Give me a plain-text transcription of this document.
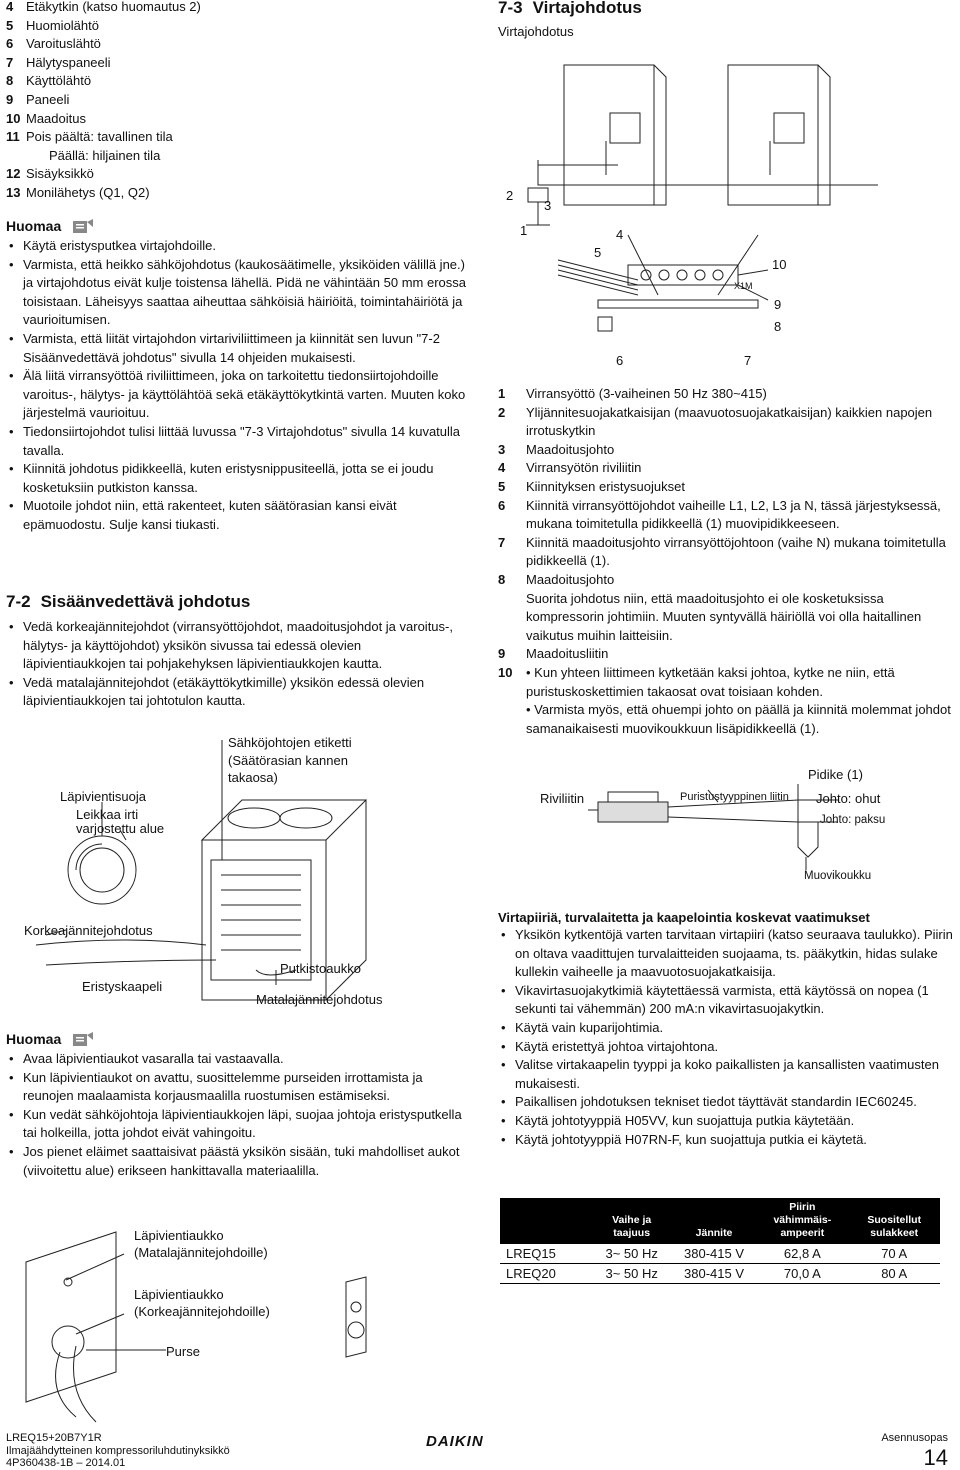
4 Etäkytkin (katso huomautus 2)
5 Huomiolähtö
6 Varoituslähtö
7 Hälytyspaneeli
8 Käyttölähtö
9 Paneeli
10 Maadoitus
11 Pois päältä: tavallinen tila
Päällä: hiljainen tila
12 Sisäyksikkö
13 Monilähetys (Q1, Q2)
Huomaa
• Käytä eristysputkea virtajohdoille.
• Varmista, että heikko sähköjohdotus (kaukosäätimelle, yksiköiden välillä jne.) ja virtajohdotus eivät kulje toistensa lähellä. Pidä ne vähintään 50 mm erossa toisistaan. Läheisyys saattaa aiheuttaa sähköisiä häiriöitä, toimintahäiriötä ja vaurioitumisen.
• Varmista, että liität virtajohdon virtariviliittimeen ja kiinnität sen luvun "7-2 Sisäänvedettävä johdotus" sivulla 14 ohjeiden mukaisesti.
• Älä liitä virransyöttöä riviliittimeen, joka on tarkoitettu tiedonsiirtojohdoille varoitus-, hälytys- ja käyttölähtöä sekä etäkäyttökytkintä varten. Muuten koko järjestelmä vaurioituu.
• Tiedonsiirtojohdot tulisi liittää luvussa "7-3 Virtajohdotus" sivulla 14 kuvatulla tavalla.
• Kiinnitä johdotus pidikkeellä, kuten eristysnippusiteellä, jotta se ei joudu kosketuksiin putkiston kanssa.
• Muotoile johdot niin, että rakenteet, kuten säätörasian kansi eivät epämuodostu. Sulje kansi tiukasti.
7-2 Sisäänvedettävä johdotus
• Vedä korkeajännitejohdot (virransyöttöjohdot, maadoitusjohdot ja varoitus-, hälytys- ja käyttöjohdot) yksikön sivussa tai edessä olevien läpivientiaukkojen tai pohjakehyksen läpivientiaukkojen kautta.
• Vedä matalajännitejohdot (etäkäyttökytkimille) yksikön edessä olevien läpivientiaukkojen tai johtotulon kautta.
Sähköjohtojen etiketti
(Säätörasian kannen takaosa)
Läpivientisuoja
Leikkaa irti varjostettu alue
Korkeajännitejohdotus
Eristyskaapeli
Putkistoaukko
Matalajännitejohdotus
Huomaa
• Avaa läpivientiaukot vasaralla tai vastaavalla.
• Kun läpivientiaukot on avattu, suosittelemme purseiden irrottamista ja reunojen maalaamista korjausmaalilla ruostumisen estämiseksi.
• Kun vedät sähköjohtoja läpivientiaukkojen läpi, suojaa johtoja eristysputkella tai holkeilla, jotta johdot eivät vahingoitu.
• Jos pienet eläimet saattaisivat päästä yksikön sisään, tuki mahdolliset aukot (viivoitettu alue) erikseen hankittavalla materiaalilla.
Läpivientiaukko (Matalajännitejohdoille)
Läpivientiaukko (Korkeajännitejohdoille)
Purse
7-3 Virtajohdotus
Virtajohdotus
2
1
3
4
5
6	7
8
9
10
X1M
1 Virransyöttö (3-vaiheinen 50 Hz 380~415)
2 Ylijännitesuojakatkaisijan (maavuotosuojakatkaisijan) kaikkien napojen irrotuskytkin
3 Maadoitusjohto
4 Virransyötön riviliitin
5 Kiinnityksen eristysuojukset
6 Kiinnitä virransyöttöjohdot vaiheille L1, L2, L3 ja N, tässä järjestyksessä, mukana toimitetulla pidikkeellä (1) muovipidikkeeseen.
7 Kiinnitä maadoitusjohto virransyöttöjohtoon (vaihe N) mukana toimitetulla pidikkeellä (1).
8 Maadoitusjohto
Suorita johdotus niin, että maadoitusjohto ei ole kosketuksissa kompressorin johtimiin. Muuten syntyvällä häiriöllä voi olla haitallinen vaikutus muihin laitteisiin.
9 Maadoitusliitin
10 • Kun yhteen liittimeen kytketään kaksi johtoa, kytke ne niin, että puristuskoskettimien takaosat ovat toisiaan kohden.
• Varmista myös, että ohuempi johto on päällä ja kiinnitä molemmat johdot samanaikaisesti muovikoukkuun lisäpidikkeellä (1).
Riviliitin	Puristustyyppinen liitin
Pidike (1)
Johto: ohut
Johto: paksu
Muovikoukku
Virtapiiriä, turvalaitetta ja kaapelointia koskevat vaatimukset
• Yksikön kytkentöjä varten tarvitaan virtapiiri (katso seuraava taulukko). Piirin on oltava vaadittujen turvalaitteiden suojaama, ts. pääkytkin, hidas sulake kullekin vaiheelle ja maavuotosuojakatkaisija.
• Vikavirtasuojakytkimiä käytettäessä varmista, että käytössä on nopea (1 sekunti tai vähemmän) 200 mA:n vikavirtasuojakytkin.
• Käytä vain kuparijohtimia.
• Käytä eristettyä johtoa virtajohtona.
• Valitse virtakaapelin tyyppi ja koko paikallisten ja kansallisten vaatimusten mukaisesti.
• Paikallisen johdotuksen tekniset tiedot täyttävät standardin IEC60245.
• Käytä johtotyyppiä H05VV, kun suojattuja putkia käytetään.
• Käytä johtotyyppiä H07RN-F, kun suojattuja putkia ei käytetä.
	Vaihe ja taajuus	Jännite	Piirin vähimmäis-ampeerit	Suositellut sulakkeet
LREQ15	3~ 50 Hz	380-415 V	62,8 A	70 A
LREQ20	3~ 50 Hz	380-415 V	70,0 A	80 A
LREQ15+20B7Y1R
Ilmajäähdytteinen kompressoriluhdutinyksikkö
4P360438-1B – 2014.01
DAIKIN	Asennusopas
14
